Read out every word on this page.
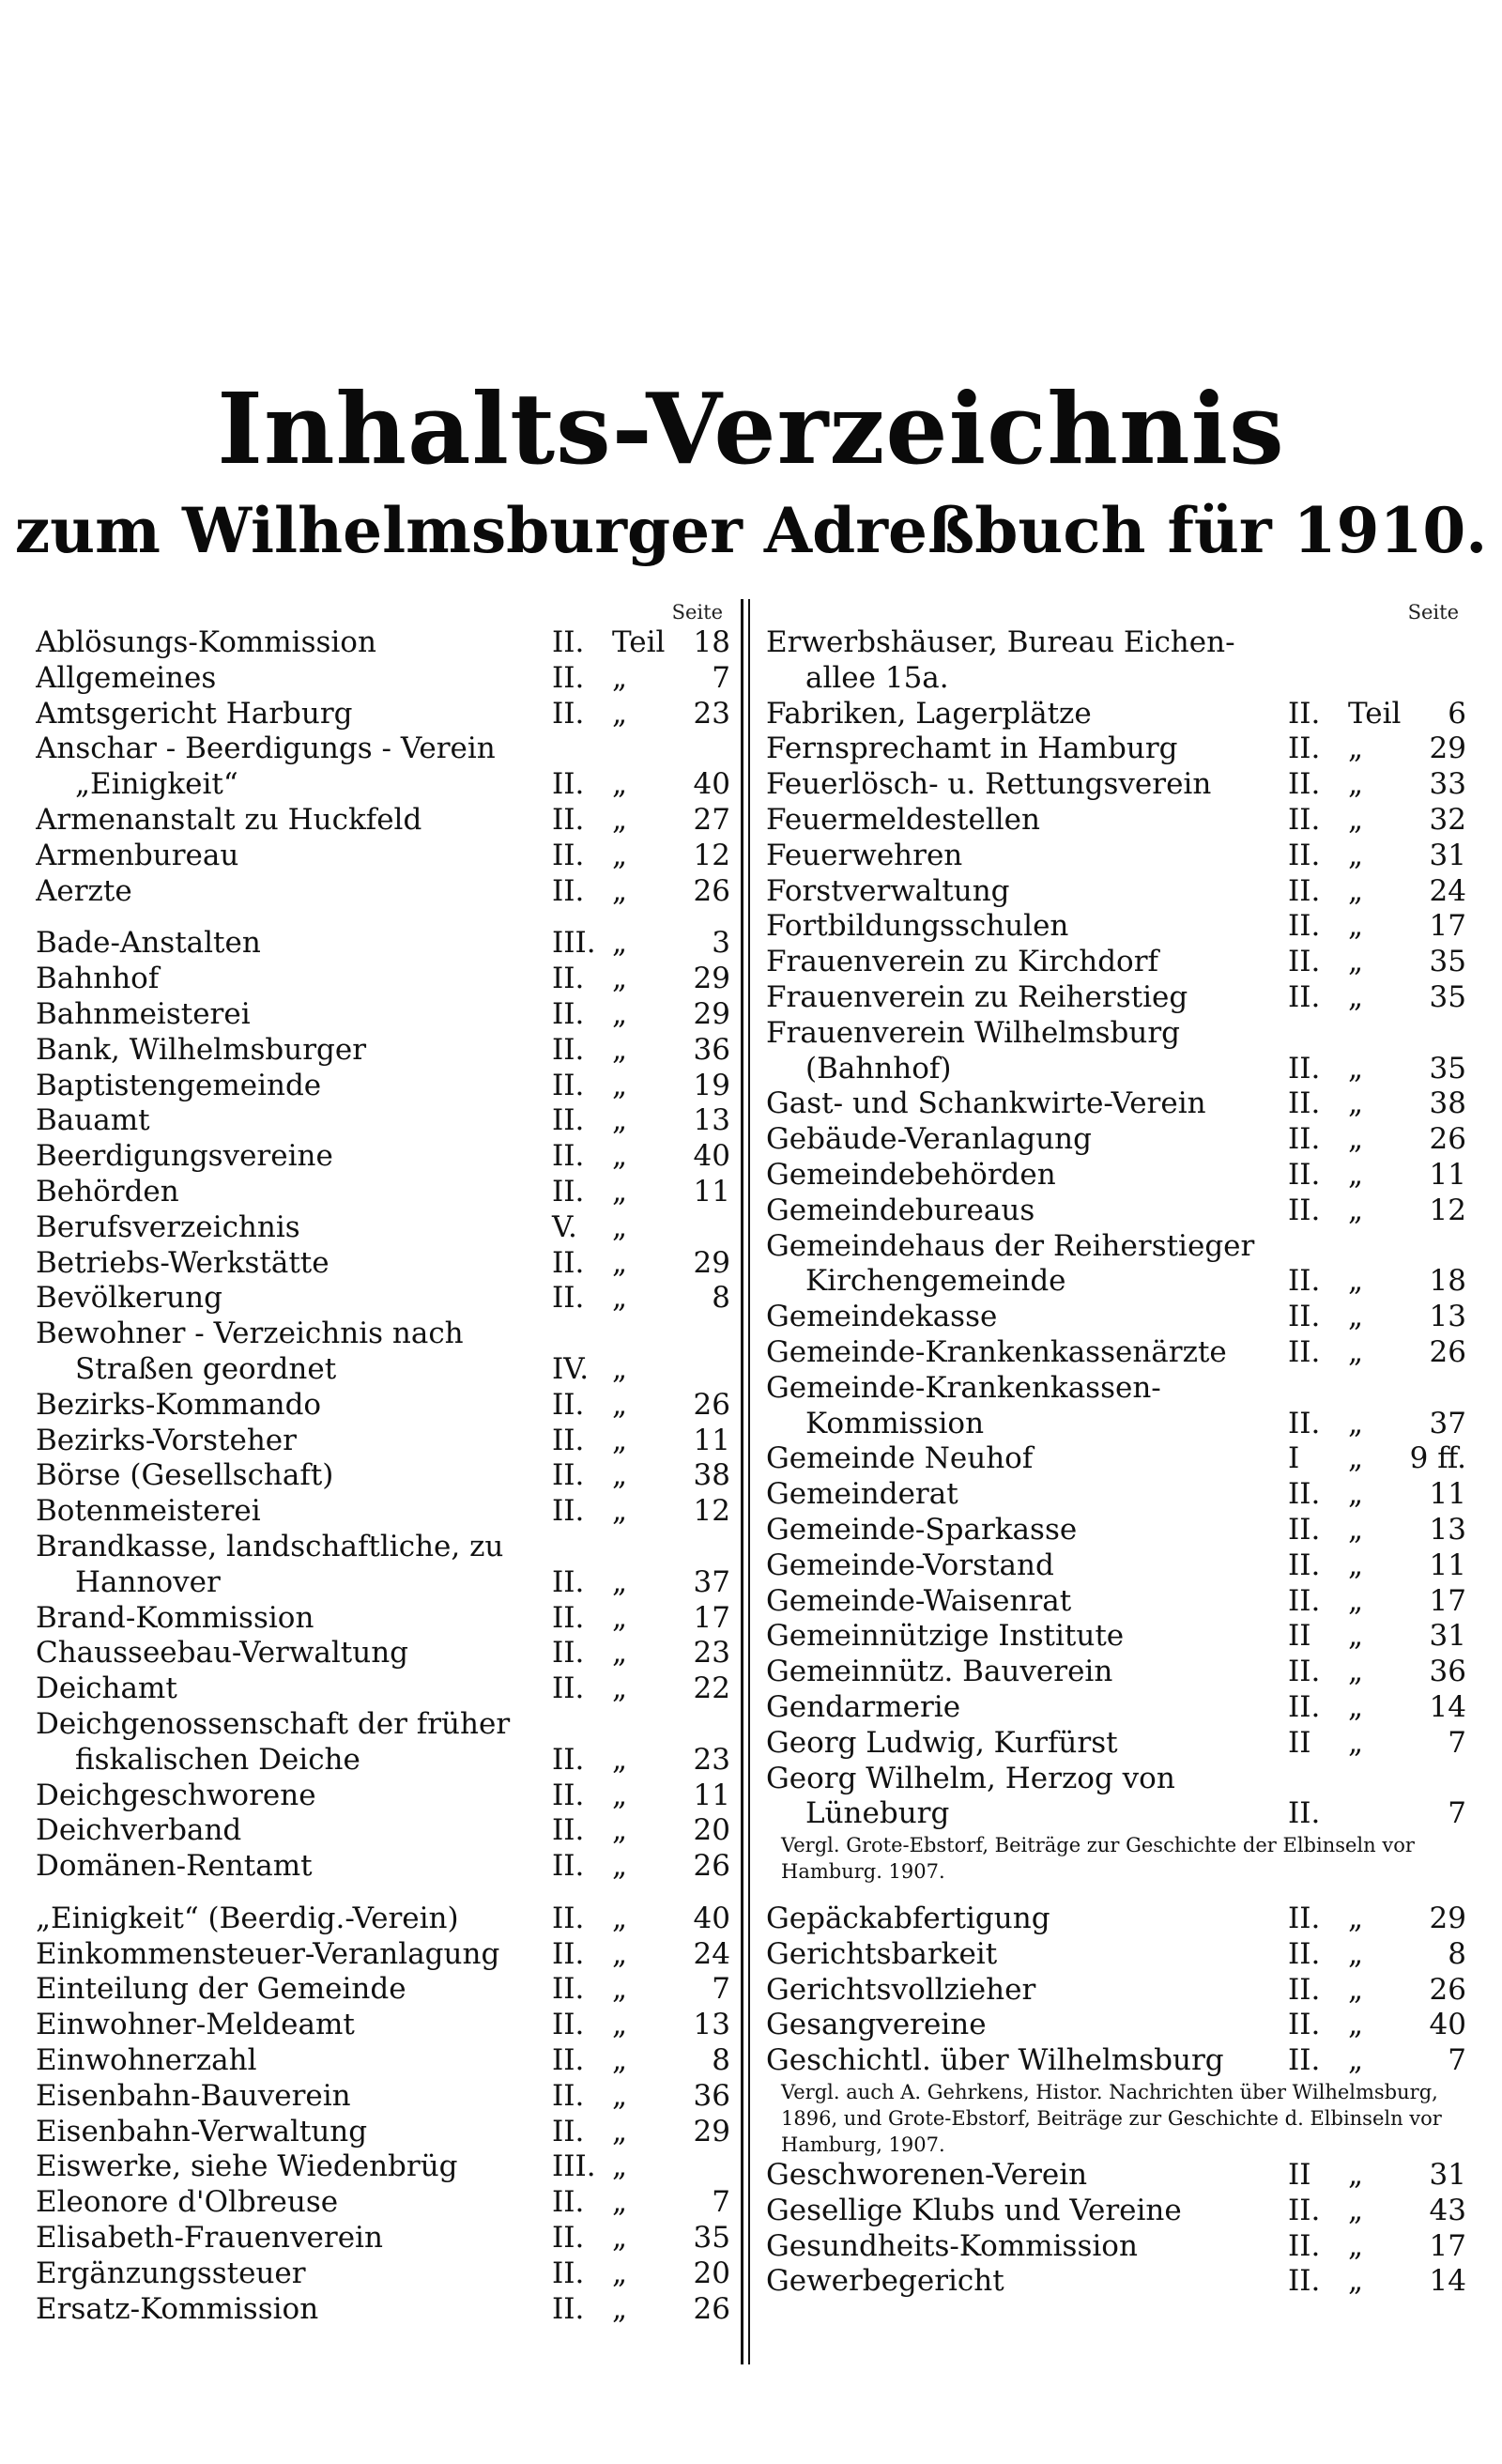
Inhalts-Verzeichnis
zum Wilhelmsburger Adreßbuch für 1910.
Seite
Ablösungs-Kommission	II. Teil 18
Allgemeines	II. „	7
Amtsgericht Harburg	II. „	23
Anschar - Beerdigungs - Verein
„Einigkeit“	II. „	40
Armenanstalt zu Huckfeld	II. „	27
Armenbureau	II. „	12
Aerzte	II. „	26
Bade-Anstalten	III. „	3
Bahnhof	II. „	29
Bahnmeisterei	II. „	29
Bank, Wilhelmsburger	II. „	36
Baptistengemeinde	II. „	19
Bauamt	II. „	13
Beerdigungsvereine	II. „	40
Behörden	II. „	11
Berufsverzeichnis	V.	„
Betriebs-Werkstätte	II. „	29
Bevölkerung	II. „	8
Bewohner - Verzeichnis nach
Straßen geordnet	IV. „
Bezirks-Kommando	II. „	26
Bezirks-Vorsteher	II. „	11
Börse (Gesellschaft)	II. „	38
Botenmeisterei	II. „	12
Brandkasse, landschaftliche, zu
Hannover	II. „	37
Brand-Kommission	II. „	17
Chausseebau-Verwaltung	II. „	23
Deichamt	II. „	22
Deichgenossenschaft der früher
fiskalischen Deiche	II. „	23
Deichgeschworene	II. „	11
Deichverband	II. „	20
Domänen-Rentamt	II. „	26
„Einigkeit“ (Beerdig.-Verein)	II. „	40
Einkommensteuer-Veranlagung	II. „	24
Einteilung der Gemeinde	II. „	7
Einwohner-Meldeamt	II. „	13
Einwohnerzahl	II. „	8
Eisenbahn-Bauverein	II. „	36
Eisenbahn-Verwaltung	II. „	29
Eiswerke, siehe Wiedenbrüg	III. „
Eleonore d'Olbreuse	II. „	7
Elisabeth-Frauenverein	II. „	35
Ergänzungssteuer	II. „	20
Ersatz-Kommission	II. „	26
Seite
Erwerbshäuser, Bureau Eichen-
allee 15a.
Fabriken, Lagerplätze	II. Teil	6
Fernsprechamt in Hamburg	II. „	29
Feuerlösch- u. Rettungsverein	II. „	33
Feuermeldestellen	II. „	32
Feuerwehren	II. „	31
Forstverwaltung	II. „	24
Fortbildungsschulen	II. „	17
Frauenverein zu Kirchdorf	II. „	35
Frauenverein zu Reiherstieg	II. „	35
Frauenverein Wilhelmsburg
(Bahnhof)	II. „	35
Gast- und Schankwirte-Verein	II. „	38
Gebäude-Veranlagung	II. „	26
Gemeindebehörden	II. „	11
Gemeindebureaus	II. „	12
Gemeindehaus der Reiherstieger
Kirchengemeinde	II. „	18
Gemeindekasse	II. „	13
Gemeinde-Krankenkassenärzte	II. „	26
Gemeinde-Krankenkassen-
Kommission	II. „	37
Gemeinde Neuhof	I	„	9 ff.
Gemeinderat	II. „	11
Gemeinde-Sparkasse	II. „	13
Gemeinde-Vorstand	II. „	11
Gemeinde-Waisenrat	II. „	17
Gemeinnützige Institute	II	„	31
Gemeinnütz. Bauverein	II. „	36
Gendarmerie	II. „	14
Georg Ludwig, Kurfürst	II	„	7
Georg Wilhelm, Herzog von
Lüneburg	II.	7
Vergl. Grote-Ebstorf, Beiträge zur Geschichte der Elbinseln vor Hamburg. 1907.
Gepäckabfertigung	II. „	29
Gerichtsbarkeit	II. „	8
Gerichtsvollzieher	II. „	26
Gesangvereine	II. „	40
Geschichtl. über Wilhelmsburg	II. „	7
Vergl. auch A. Gehrkens, Histor. Nachrichten über Wilhelmsburg, 1896, und Grote-Ebstorf, Beiträge zur Geschichte d. Elbinseln vor Hamburg, 1907.
Geschworenen-Verein	II	„	31
Gesellige Klubs und Vereine	II. „	43
Gesundheits-Kommission	II. „	17
Gewerbegericht	II. „	14
